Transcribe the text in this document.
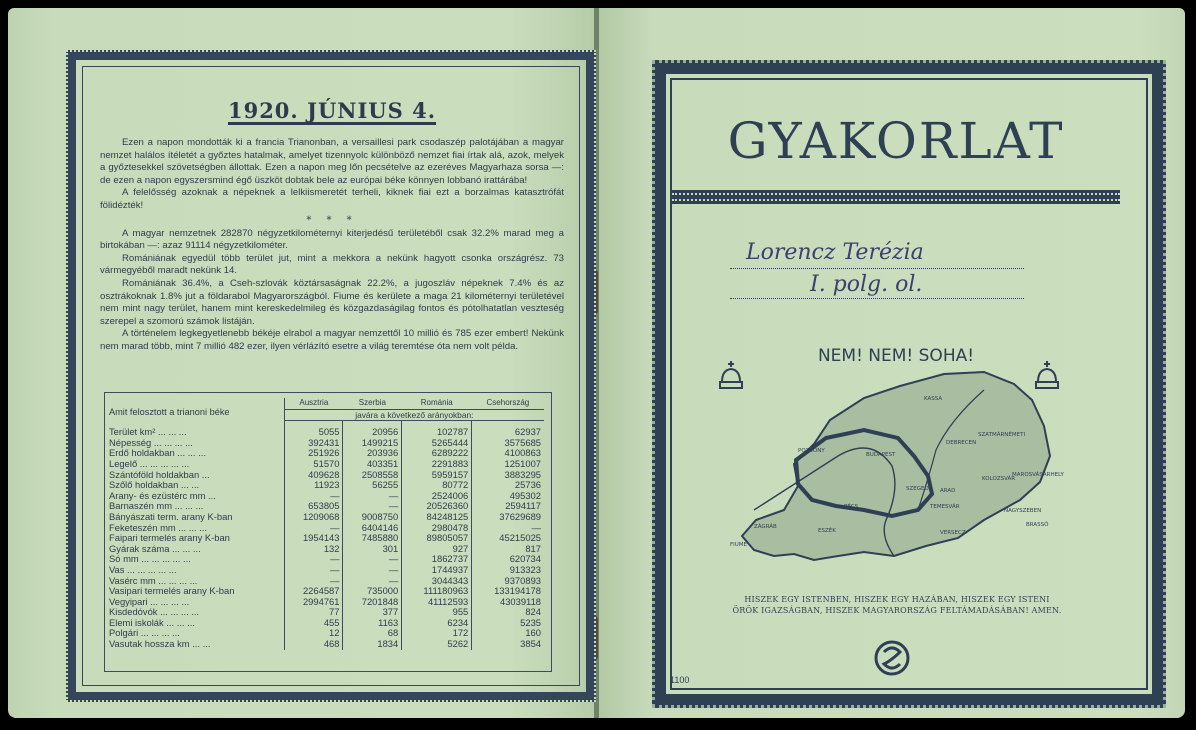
1920. JÚNIUS 4.

Ezen a napon mondották ki a francia Trianonban, a versaillesi park csodaszép palotájában a magyar nemzet halálos ítéletét a győztes hatalmak, amelyet tizennyolc különböző nemzet fiai írtak alá, azok, melyek a győztesekkel szövetségben állottak. Ezen a napon meg lőn pecsételve az ezeréves Magyarhaza sorsa —: de ezen a napon egyszersmind égő üszköt dobtak bele az európai béke könnyen lobbanó irattárába!

A felelősség azoknak a népeknek a lelkiismeretét terheli, kiknek fiai ezt a borzalmas katasztrófát fölidézték!

* * *

A magyar nemzetnek 282870 négyzetkilométernyi kiterjedésű területéből csak 32.2% marad meg a birtokában —: azaz 91114 négyzetkilométer.

Romániának egyedül több terület jut, mint a mekkora a nekünk hagyott csonka országrész. 73 vármegyéből maradt nekünk 14.

Romániának 36.4%, a Cseh-szlovák köztársaságnak 22.2%, a jugoszláv népeknek 7.4% és az osztrákoknak 1.8% jut a földarabol Magyarországból. Fiume és kerülete a maga 21 kilométernyi területével nem mint nagy terület, hanem mint kereskedelmileg és közgazdaságilag fontos és pótolhatatlan veszteség szerepel a szomorú számok listáján.

A történelem legkegyetlenebb békéje elrabol a magyar nemzettől 10 millió és 785 ezer embert! Nekünk nem marad több, mint 7 millió 482 ezer, ilyen vérlázító esetre a világ teremtése óta nem volt példa.

Amit felosztott a trianoni béke	Ausztria	Szerbia	Románia	Csehország
	javára a következő arányokban:			
Terület km² ... ... ...	5055	20956	102787	62937
Népesség ... ... ... ...	392431	1499215	5265444	3575685
Erdő holdakban ... ... ...	251926	203936	6289222	4100863
Legelő ... ... ... ... ...	51570	403351	2291883	1251007
Szántóföld holdakban ...	409628	2508558	5959157	3883295
Szőlő holdakban ... ...	11923	56255	80772	25736
Arany- és ezüstérc mm ...	—	—	2524006	495302
Barnaszén mm ... ... ...	653805	—	20526360	2594117
Bányászati term. arany K-ban	1209068	9008750	84248125	37629689
Feketeszén mm ... ... ...	—	6404146	2980478	—
Faipari termelés arany K-ban	1954143	7485880	89805057	45215025
Gyárak száma ... ... ...	132	301	927	817
Só mm ... ... ... ... ...	—	—	1862737	620734
Vas ... ... ... ... ...	—	—	1744937	913323
Vasérc mm ... ... ... ...	—	—	3044343	9370893
Vasipari termelés arany K-ban	2264587	735000	111180963	133194178
Vegyipari ... ... ... ...	2994761	7201848	41112593	43039118
Kisdedóvók ... ... ... ...	77	377	955	824
Elemi iskolák ... ... ...	455	1163	6234	5235
Polgári ... ... ... ...	12	68	172	160
Vasutak hossza km ... ...	468	1834	5262	3854
GYAKORLAT
Lorencz Terézia
I. polg. ol.
NEM! NEM! SOHA!
DEBRECEN
BUDAPEST
SZATMÁRNÉMETI
KOLOZSVÁR
MAROSVÁSÁRHELY
ARAD
TEMESVÁR
NAGYSZEBEN
BRASSÓ
SZEGED
PÉCS
ZÁGRÁB
FIUME
ESZÉK	VERSECZ
KASSA
POZSONY
HISZEK EGY ISTENBEN, HISZEK EGY HAZÁBAN, HISZEK EGY ISTENI
ÖRÖK IGAZSÁGBAN, HISZEK MAGYARORSZÁG FELTÁMADÁSÁBAN! AMEN.
1100
